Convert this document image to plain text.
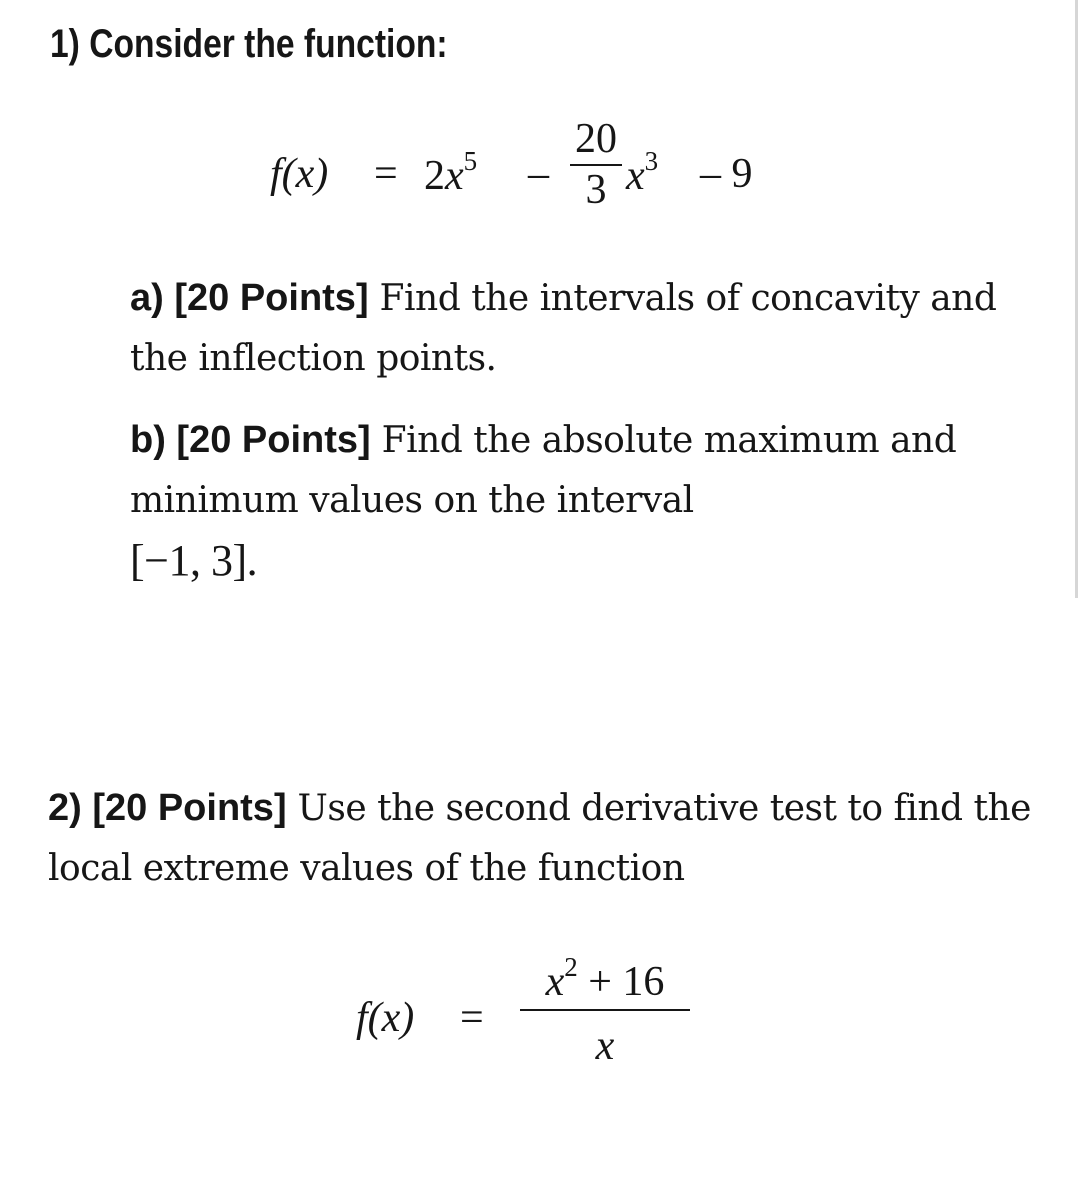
1) Consider the function:
$f(x) = 2x^5$ –
20
3 $x^3 - 9$

a) [20 Points] Find the intervals of concavity and the inflection points.

b) [20 Points] Find the absolute maximum and minimum values on the interval
[−1, 3].

2) [20 Points] Use the second derivative test to find the local extreme values of the function

f(x) =
$x^2 + 16$
x
